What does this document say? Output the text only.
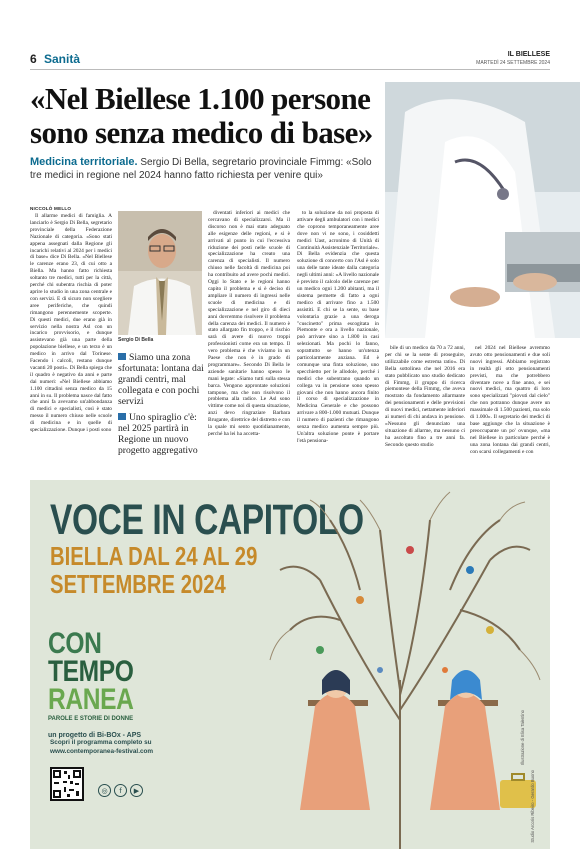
6 Sanità	IL BIELLESE
MARTEDÌ 24 SETTEMBRE 2024
«Nel Biellese 1.100 persone sono senza medico di base»
Medicina territoriale. Sergio Di Bella, segretario provinciale Fimmg: «Solo tre medici in regione nel 2024 hanno fatto richiesta per venire qui»
NICCOLÒ MELLO

Il allarme medici di famiglia. A lanciarlo è Sergio Di Bella, segretario provinciale della Federazione Nazionale di categoria. «Sono stati appena assegnati dalla Regione gli incarichi relativi al 2024 per i medici di base» dice Di Bella. «Nel Biellese le carenze erano 23, di cui otto a Biella. Ma hanno fatto richiesta soltanto tre medici, tutti per la città, perché chi subentra rischia di poter aprire lo studio in una zona centrale e con servizi. E di sicuro non scegliere aree periferiche, che quindi rimangono perennemente scoperte. Di questi medici, due erano già in servizio nella nostra Asl con un incarico provvisorio, e dunque assistevano già una parte della popolazione biellese, e un terzo è un medico in arrivo dal Torinese. Facendo i calcoli, restano dunque vacanti 20 posti». Di Bella spiega che il quadro è negativo da anni e parte dai numeri: «Nel Biellese abbiamo 1.100 cittadini senza medico da 15 anni in su. Il problema nasce dal fatto che anni fa avevamo un'abbondanza di medici e specialisti, così è stato messo il numero chiuso nelle scuole di medicina e in quelle di specializzazione. Dunque i posti sono

Sergio Di Bella
Siamo una zona sfortunata: lontana dai grandi centri, mal collegata e con pochi servizi
Uno spiraglio c'è: nel 2025 partirà in Regione un nuovo progetto aggregativo

diventati inferiori ai medici che cercavano di specializzarsi. Ma il discorso non è mai stato adeguato alle esigenze delle regioni, e si è arrivati al punto in cui l'eccessiva riduzione dei posti nelle scuole di specializzazione ha creato una carenza di specialisti. Il numero chiuso nelle facoltà di medicina poi ha contribuito ad avere pochi medici. Oggi lo Stato e le regioni hanno capito il problema e si è deciso di ampliare il numero di ingressi nelle scuole di medicina e di specializzazione e nel giro di dieci anni dovremmo risolvere il problema della carenza dei medici. Il numero è stato allargato fin troppo, e il rischio sarà di avere di nuovo troppi professionisti come era un tempo. Il vero problema è che viviamo in un Paese che non è in grado di programmare». Secondo Di Bella le aziende sanitarie hanno spesso le mani legate: «Siamo tutti sulla stessa barca. Vengono approntate soluzioni tampone, ma che non risolvono il problema alla radice. Le Asl sono vittime come noi di questa situazione, anzi devo ringraziare Barbara Brugante, direttrice del distretto e con la quale mi sento quotidianamente, perché ha lei ha accetta-

to la soluzione da noi proposta di attivare degli ambulatori con i medici che coprono temporaneamente aree dove non vi ne sono, i cosiddetti medici Uast, acronimo di Unità di Continuità Assistenziale Territoriale». Di Bella evidenzia che questa soluzione di concerto con l'Asl è solo una delle tante ideate dalla categoria negli ultimi anni: «A livello nazionale è previsto il calcolo delle carenze per un medico ogni 1.200 abitanti, ma il sistema permette di fatto a ogni medico di arrivare fino a 1.500 assistiti. E chi se la sente, su base volontaria grazie a una deroga "cuscinetto" prima escogitata in Piemonte e ora a livello nazionale, può arrivare sino a 1.800 in casi selezionati. Ma pochi lo fanno, soprattutto se hanno un'utenza particolarmente anziana. Ed è comunque una finta soluzione, uno specchietto per le allodole, perché i medici che subentrano quando un collega va in pensione sono spesso giovani che non hanno ancora finito il corso di specializzazione in Medicina Generale e che possono arrivare a 800-1.000 mutuati. Dunque il numero di pazienti che rimangono senza medico aumenta sempre più. Un'altra soluzione ponte è portare l'età pensiona-

bile di un medico da 70 a 72 anni, per chi se la sente di proseguire, utilizzabile come estrema ratio». Di Bella sottolinea che nel 2016 era stato pubblicato uno studio dedicato di Fimmg, il gruppo di ricerca piemontese della Fimmg, che aveva mostrato da fondamento allarmante dei pensionamenti e delle previsioni di nuovi medici, nettamente inferiori ai numeri di chi andava in pensione. «Nessuno gli denunciato una situazione di allarme, ma nessuno ci ha ascoltato fino a tre anni fa. Secondo questo studio

nel 2024 nel Biellese avremmo avuto otto pensionamenti e due soli nuovi ingressi. Abbiamo registrato in realtà gli otto pensionamenti previsti, ma che potrebbero diventare nove a fine anno, e sei nuovi medici, ma quattro di loro sono specializzati "piovuti dal cielo" che non potranno dunque avere un massimale di 1.500 pazienti, ma solo di 1.000». Il segretario dei medici di base aggiunge che la situazione è preoccupante un po' ovunque, «ma nel Biellese in particolare perché è una zona lontana dai grandi centri, con scarsi collegamenti e con

VOCE IN CAPITOLO
BIELLA DAL 24 AL 29
SETTEMBRE 2024
CON
TEMPO
RANEA
PAROLE E STORIE DI DONNE
un progetto di Bi-BOx - APS
Scopri il programma completo su
www.contemporanea-festival.com
◎	f	▶
Illustrazione di Elisa Talentino
Studio Arcoris Ribeiro - Gerardo Buono
